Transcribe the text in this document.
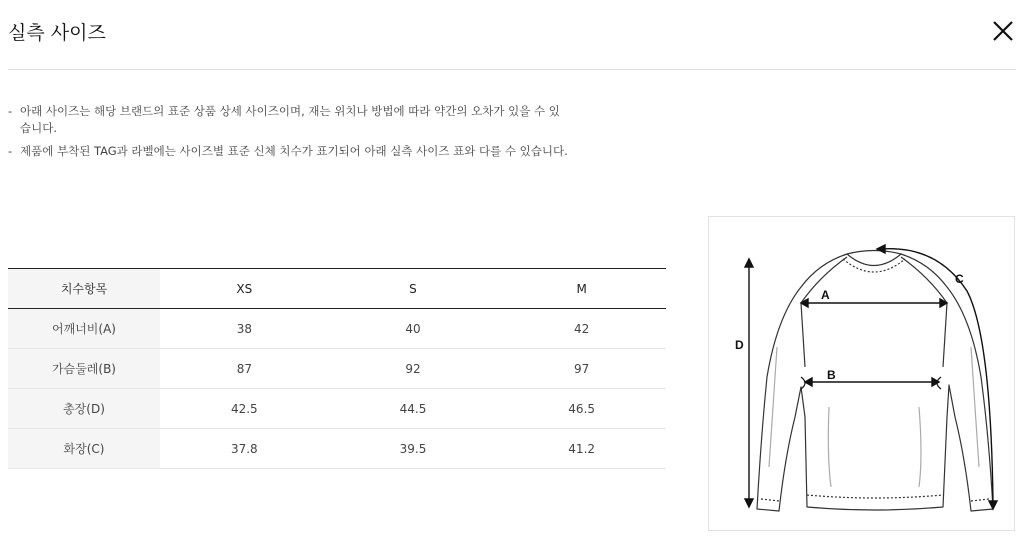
실측 사이즈

- 아래 사이즈는 해당 브랜드의 표준 상품 상세 사이즈이며, 재는 위치나 방법에 따라 약간의 오차가 있을 수 있습니다.

- 제품에 부착된 TAG과 라벨에는 사이즈별 표준 신체 치수가 표기되어 아래 실측 사이즈 표와 다를 수 있습니다.

치수항목	XS	S	M
어깨너비(A)	38	40	42
가슴둘레(B)	87	92	97
총장(D)	42.5	44.5	46.5
화장(C)	37.8	39.5	41.2
A
B
C
D
